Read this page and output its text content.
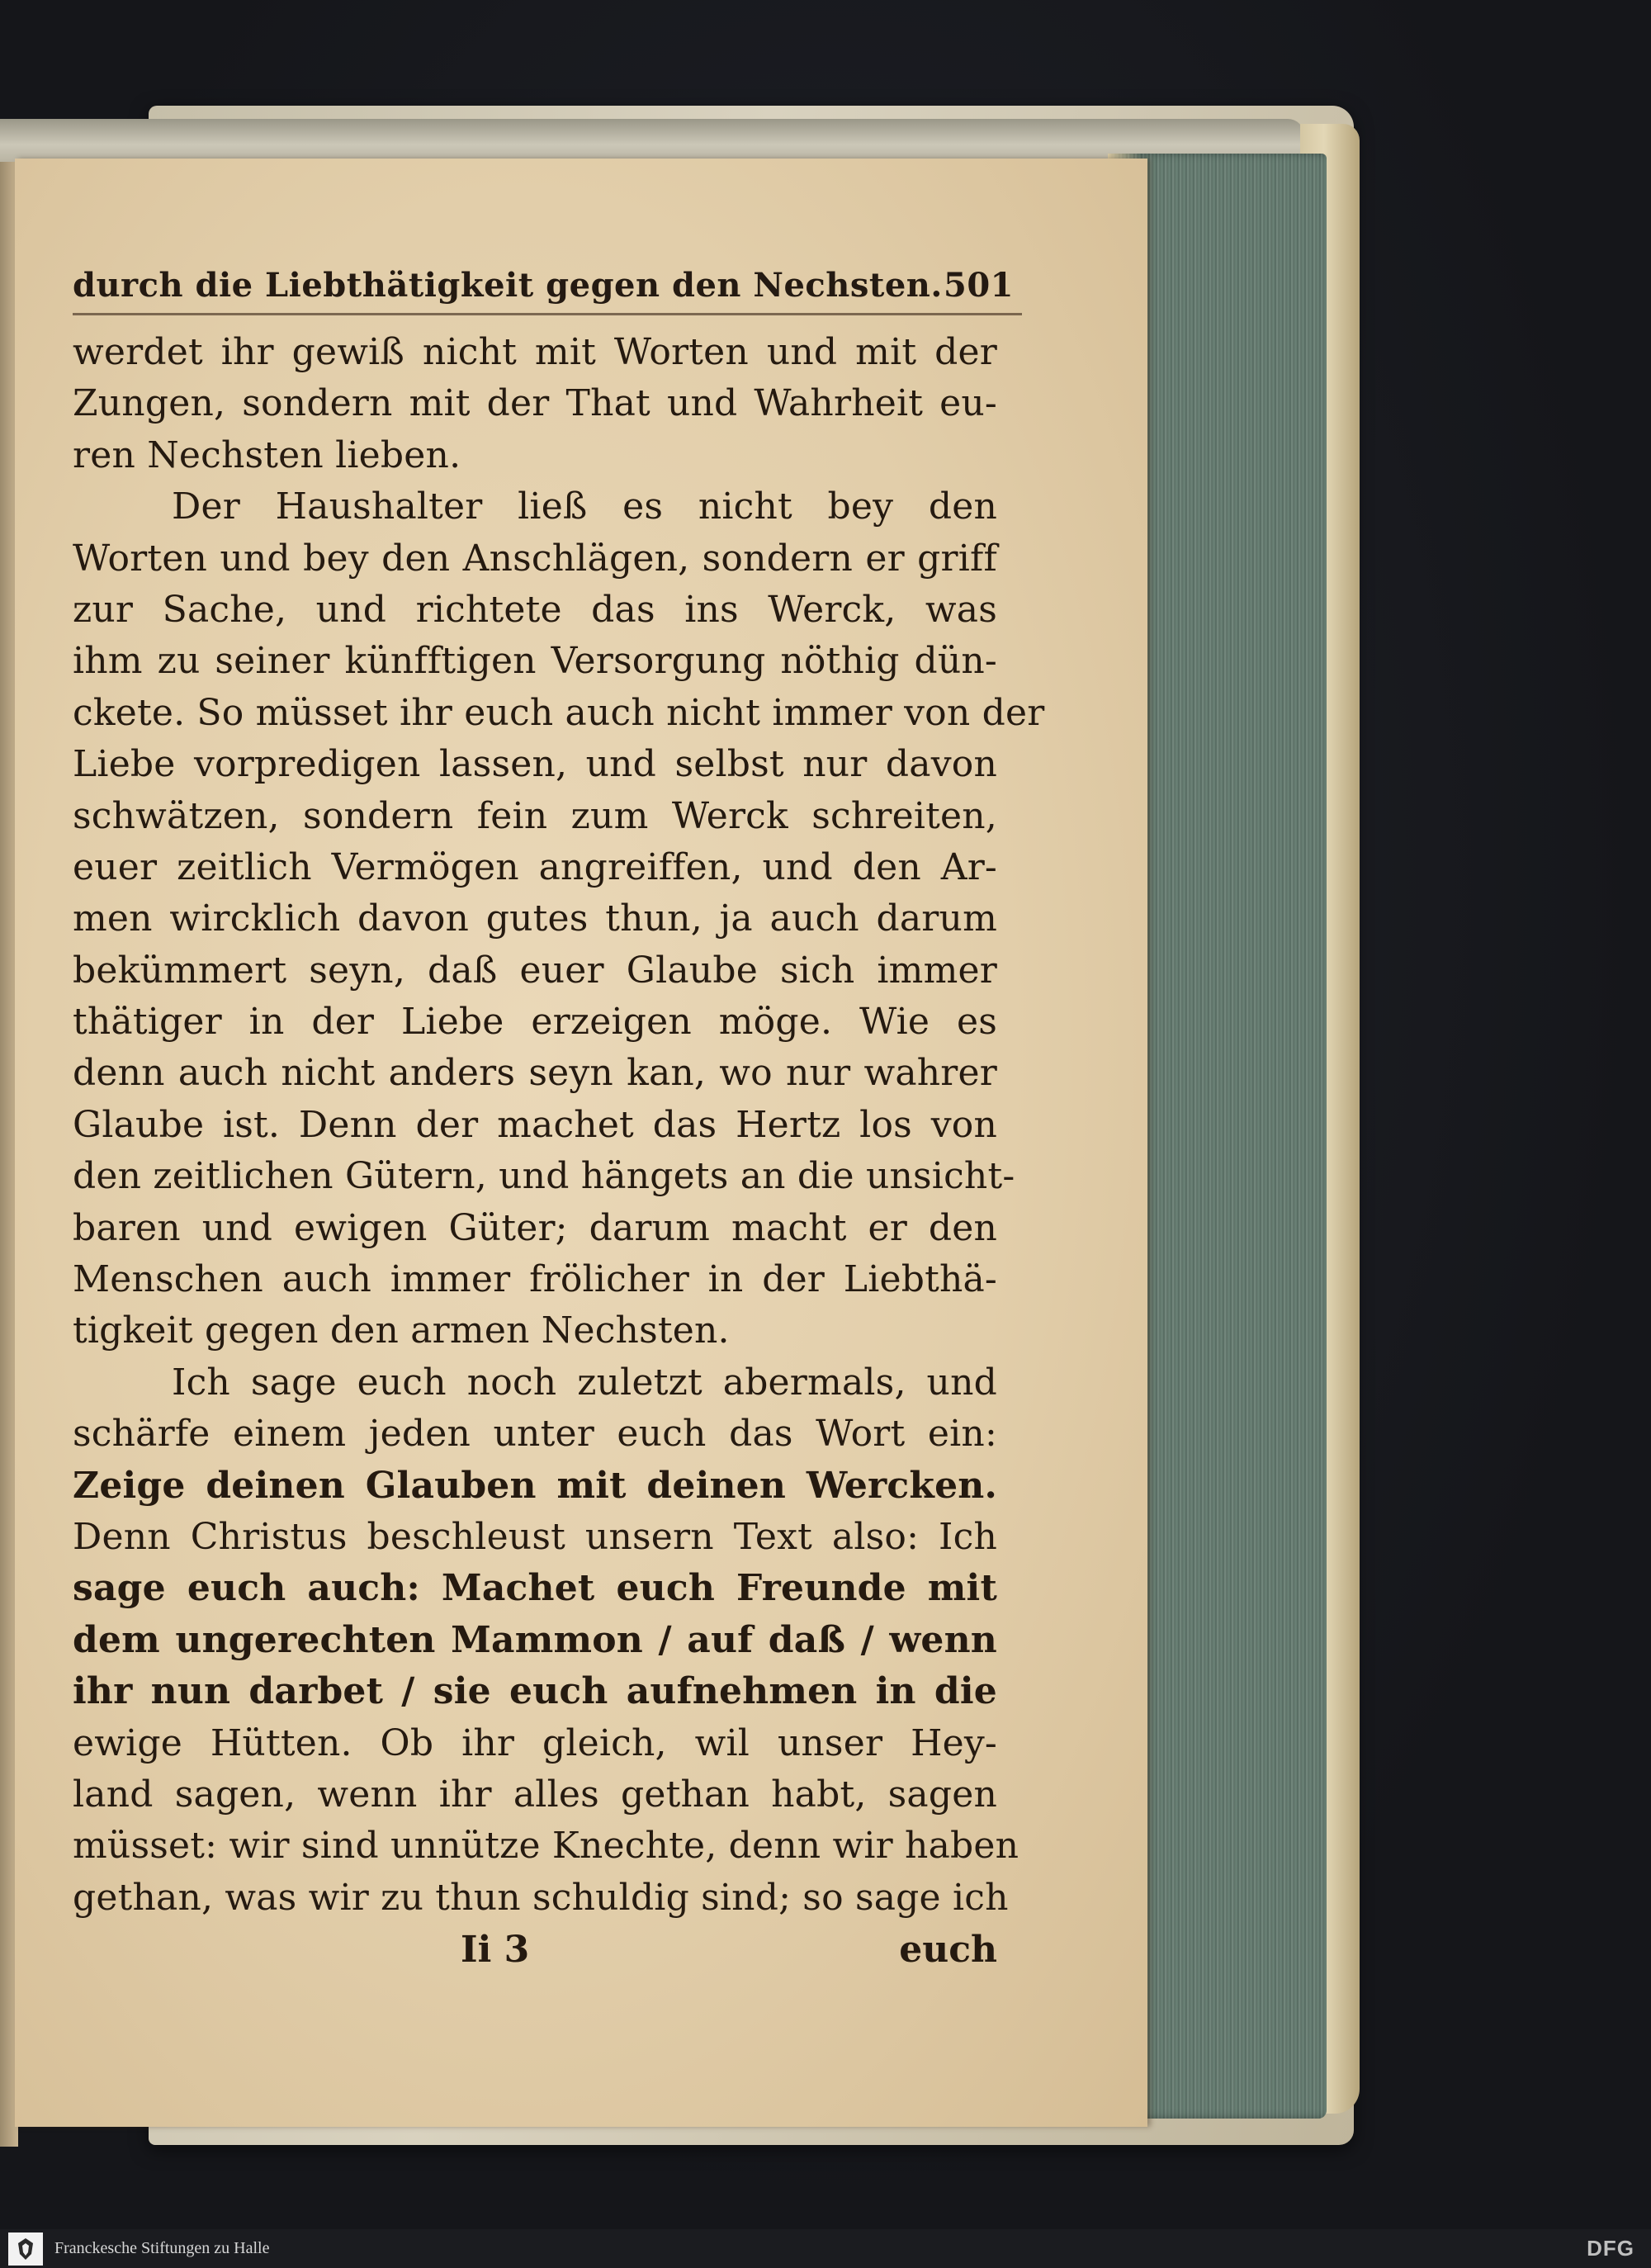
durch die Liebthätigkeit gegen den Nechsten. 501
werdet ihr gewiß nicht mit Worten und mit der
Zungen, sondern mit der That und Wahrheit eu-
ren Nechsten lieben.
Der Haushalter ließ es nicht bey den
Worten und bey den Anschlägen, sondern er griff
zur Sache, und richtete das ins Werck, was
ihm zu seiner künfftigen Versorgung nöthig dün-
ckete. So müsset ihr euch auch nicht immer von der
Liebe vorpredigen lassen, und selbst nur davon
schwätzen, sondern fein zum Werck schreiten,
euer zeitlich Vermögen angreiffen, und den Ar-
men wircklich davon gutes thun, ja auch darum
bekümmert seyn, daß euer Glaube sich immer
thätiger in der Liebe erzeigen möge. Wie es
denn auch nicht anders seyn kan, wo nur wahrer
Glaube ist. Denn der machet das Hertz los von
den zeitlichen Gütern, und hängets an die unsicht-
baren und ewigen Güter; darum macht er den
Menschen auch immer frölicher in der Liebthä-
tigkeit gegen den armen Nechsten.
Ich sage euch noch zuletzt abermals, und
schärfe einem jeden unter euch das Wort ein:
Zeige deinen Glauben mit deinen Wercken.
Denn Christus beschleust unsern Text also: Ich
sage euch auch: Machet euch Freunde mit
dem ungerechten Mammon / auf daß / wenn
ihr nun darbet / sie euch aufnehmen in die
ewige Hütten. Ob ihr gleich, wil unser Hey-
land sagen, wenn ihr alles gethan habt, sagen
müsset: wir sind unnütze Knechte, denn wir haben
gethan, was wir zu thun schuldig sind; so sage ich
Ii 3	euch
Franckesche Stiftungen zu Halle	DFG
